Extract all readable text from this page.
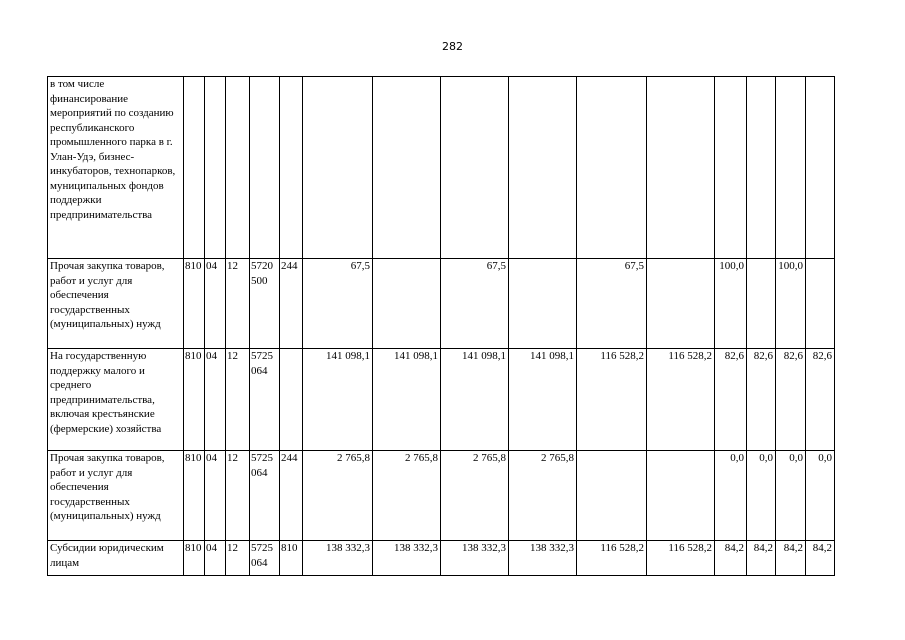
282
в том числе финансирование мероприятий по созданию республиканского промышленного парка в г. Улан-Удэ, бизнес-инкубаторов, технопарков, муниципальных фондов поддержки предпринимательства															
Прочая закупка товаров, работ и услуг для обеспечения государственных (муниципальных) нужд	810	04	12	5720500	244	67,5		67,5		67,5		100,0		100,0	
На государственную поддержку малого и среднего предпринимательства, включая крестьянские (фермерские) хозяйства	810	04	12	5725064		141 098,1	141 098,1	141 098,1	141 098,1	116 528,2	116 528,2	82,6	82,6	82,6	82,6
Прочая закупка товаров, работ и услуг для обеспечения государственных (муниципальных) нужд	810	04	12	5725064	244	2 765,8	2 765,8	2 765,8	2 765,8			0,0	0,0	0,0	0,0
Субсидии юридическим лицам	810	04	12	5725064	810	138 332,3	138 332,3	138 332,3	138 332,3	116 528,2	116 528,2	84,2	84,2	84,2	84,2
